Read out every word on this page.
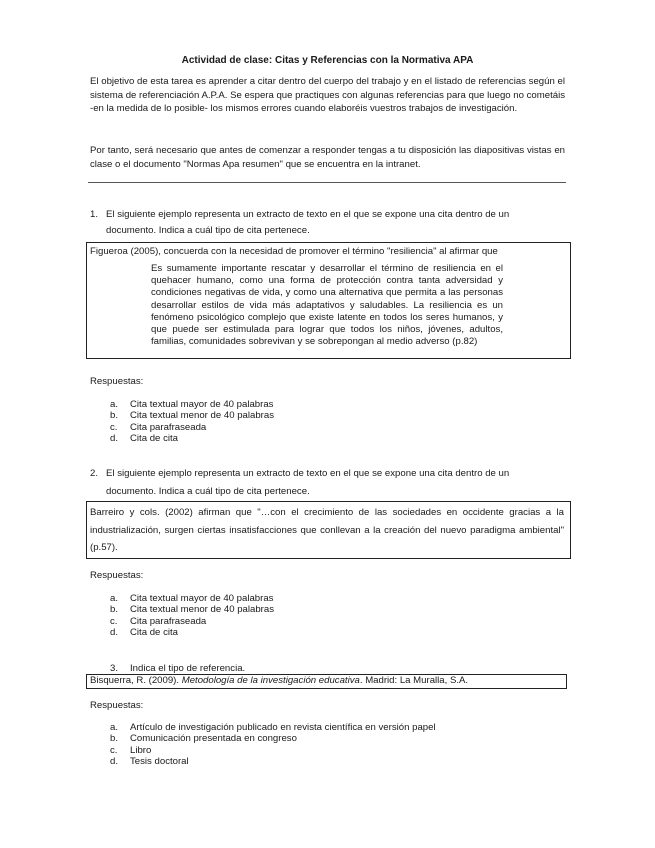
Actividad de clase: Citas y Referencias con la Normativa APA
El objetivo de esta tarea es aprender a citar dentro del cuerpo del trabajo y en el listado de referencias según el sistema de referenciación A.P.A. Se espera que practiques con algunas referencias para que luego no cometáis -en la medida de lo posible- los mismos errores cuando elaboréis vuestros trabajos de investigación.
Por tanto, será necesario que antes de comenzar a responder tengas a tu disposición las diapositivas vistas en clase o el documento "Normas Apa resumen" que se encuentra en la intranet.
1. El siguiente ejemplo representa un extracto de texto en el que se expone una cita dentro de un
documento. Indica a cuál tipo de cita pertenece.
Figueroa (2005), concuerda con la necesidad de promover el término "resiliencia" al afirmar que
Es sumamente importante rescatar y desarrollar el término de resiliencia en el quehacer humano, como una forma de protección contra tanta adversidad y condiciones negativas de vida, y como una alternativa que permita a las personas desarrollar estilos de vida más adaptativos y saludables. La resiliencia es un fenómeno psicológico complejo que existe latente en todos los seres humanos, y que puede ser estimulada para lograr que todos los niños, jóvenes, adultos, familias, comunidades sobrevivan y se sobrepongan al medio adverso (p.82)
Respuestas:
a. Cita textual mayor de 40 palabras
b. Cita textual menor de 40 palabras
c. Cita parafraseada
d. Cita de cita
2. El siguiente ejemplo representa un extracto de texto en el que se expone una cita dentro de un
documento. Indica a cuál tipo de cita pertenece.
Barreiro y cols. (2002) afirman que "…con el crecimiento de las sociedades en occidente gracias a la industrialización, surgen ciertas insatisfacciones que conllevan a la creación del nuevo paradigma ambiental" (p.57).
Respuestas:
a. Cita textual mayor de 40 palabras
b. Cita textual menor de 40 palabras
c. Cita parafraseada
d. Cita de cita
3. Indica el tipo de referencia.
Bisquerra, R. (2009). Metodología de la investigación educativa. Madrid: La Muralla, S.A.
Respuestas:
a. Artículo de investigación publicado en revista científica en versión papel
b. Comunicación presentada en congreso
c. Libro
d. Tesis doctoral
